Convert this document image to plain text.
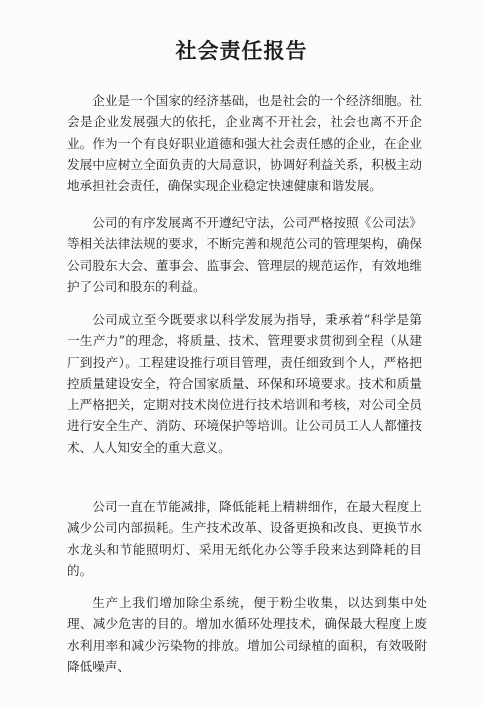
社会责任报告
企业是一个国家的经济基础，也是社会的一个经济细胞。社会是企业发展强大的依托，企业离不开社会，社会也离不开企业。作为一个有良好职业道德和强大社会责任感的企业，在企业发展中应树立全面负责的大局意识，协调好利益关系，积极主动地承担社会责任，确保实现企业稳定快速健康和谐发展。
公司的有序发展离不开遵纪守法，公司严格按照《公司法》等相关法律法规的要求，不断完善和规范公司的管理架构，确保公司股东大会、董事会、监事会、管理层的规范运作，有效地维护了公司和股东的利益。
公司成立至今既要求以科学发展为指导，秉承着“科学是第一生产力”的理念，将质量、技术、管理要求贯彻到全程（从建厂到投产）。工程建设推行项目管理，责任细致到个人，严格把控质量建设安全，符合国家质量、环保和环境要求。技术和质量上严格把关，定期对技术岗位进行技术培训和考核，对公司全员进行安全生产、消防、环境保护等培训。让公司员工人人都懂技术、人人知安全的重大意义。
公司一直在节能减排，降低能耗上精耕细作，在最大程度上减少公司内部损耗。生产技术改革、设备更换和改良、更换节水水龙头和节能照明灯、采用无纸化办公等手段来达到降耗的目的。
生产上我们增加除尘系统，便于粉尘收集，以达到集中处理、减少危害的目的。增加水循环处理技术，确保最大程度上废水利用率和减少污染物的排放。增加公司绿植的面积，有效吸附降低噪声、
